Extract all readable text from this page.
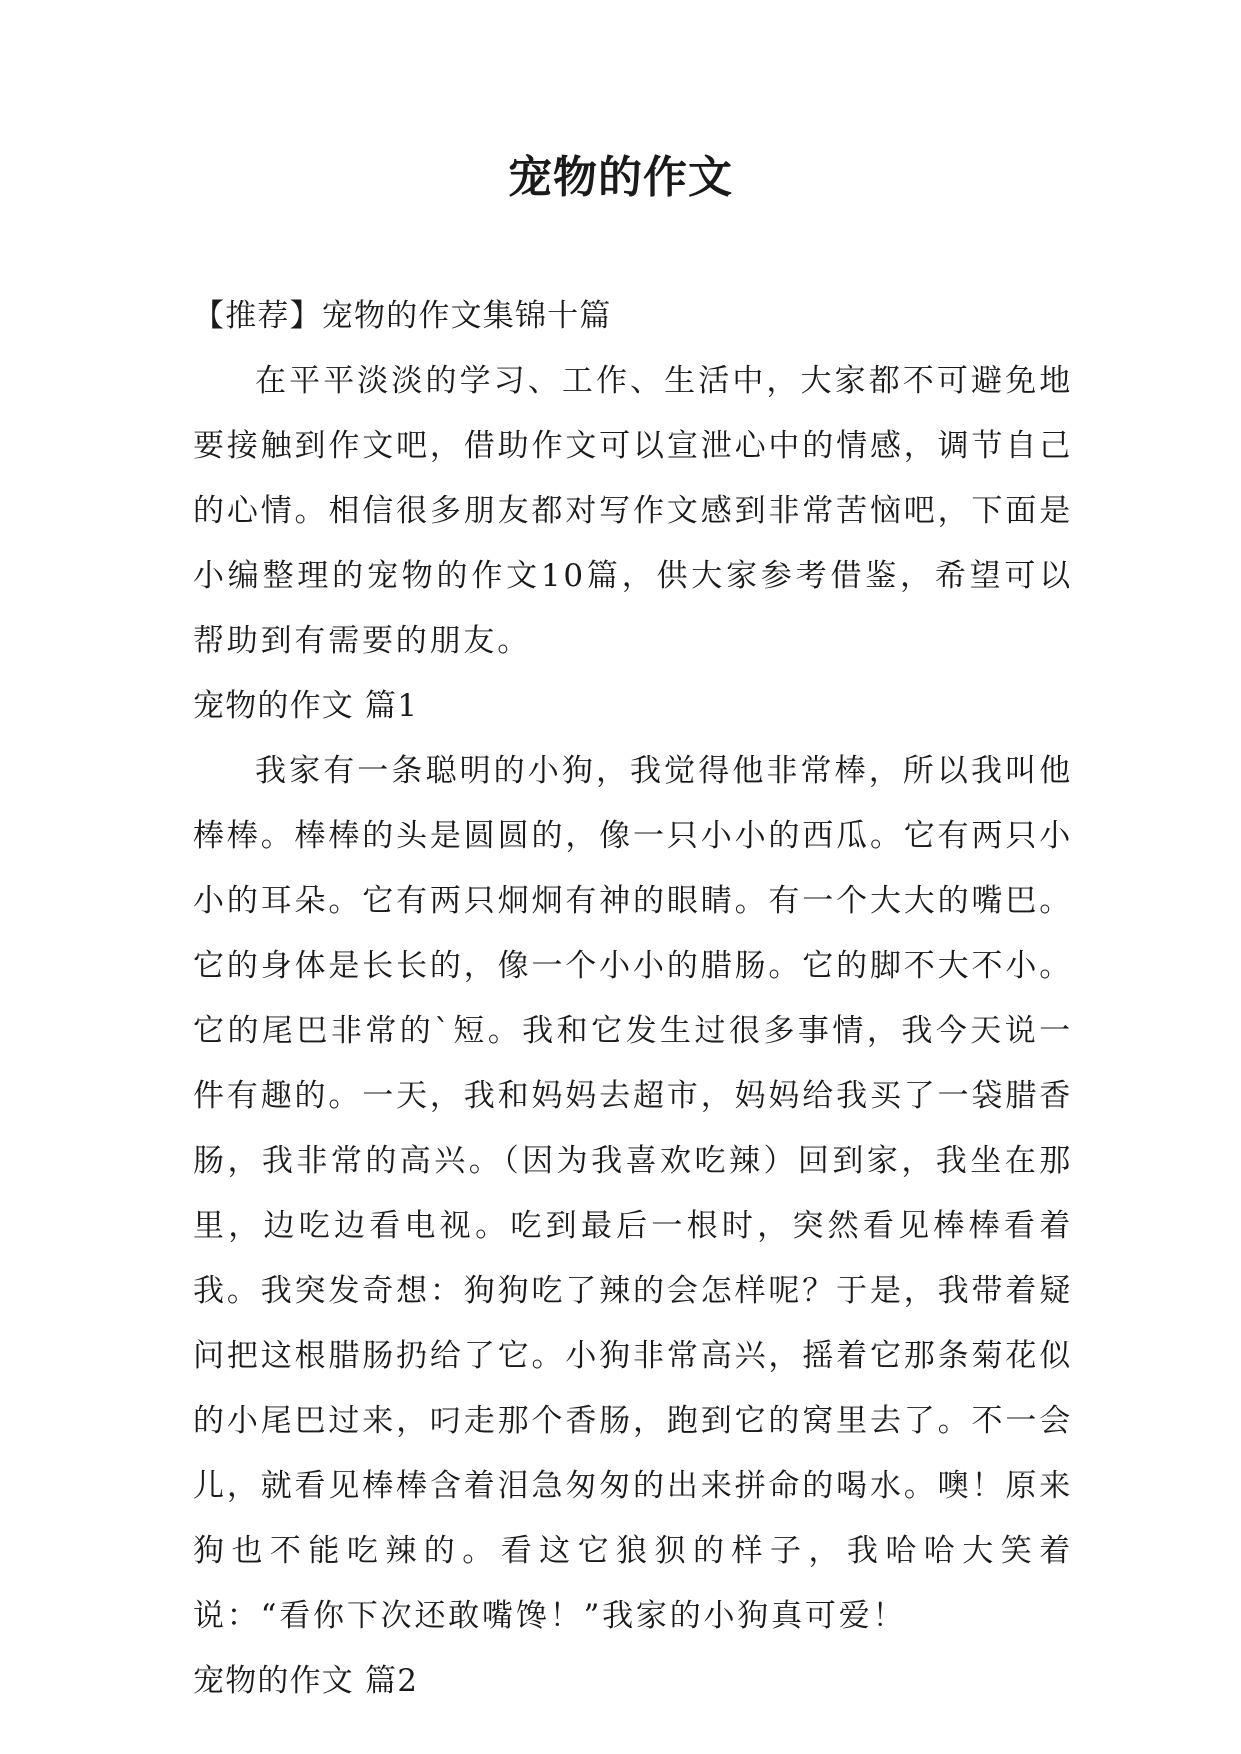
宠物的作文

【推荐】宠物的作文集锦十篇

在平平淡淡的学习、工作、生活中，大家都不可避免地要接触到作文吧，借助作文可以宣泄心中的情感，调节自己的心情。相信很多朋友都对写作文感到非常苦恼吧，下面是小编整理的宠物的作文10篇，供大家参考借鉴，希望可以帮助到有需要的朋友。

宠物的作文 篇1

我家有一条聪明的小狗，我觉得他非常棒，所以我叫他棒棒。棒棒的头是圆圆的，像一只小小的西瓜。它有两只小小的耳朵。它有两只炯炯有神的眼睛。有一个大大的嘴巴。它的身体是长长的，像一个小小的腊肠。它的脚不大不小。它的尾巴非常的`短。我和它发生过很多事情，我今天说一件有趣的。一天，我和妈妈去超市，妈妈给我买了一袋腊香肠，我非常的高兴。（因为我喜欢吃辣）回到家，我坐在那里，边吃边看电视。吃到最后一根时，突然看见棒棒看着我。我突发奇想：狗狗吃了辣的会怎样呢？于是，我带着疑问把这根腊肠扔给了它。小狗非常高兴，摇着它那条菊花似的小尾巴过来，叼走那个香肠，跑到它的窝里去了。不一会儿，就看见棒棒含着泪急匆匆的出来拼命的喝水。噢！原来狗也不能吃辣的。看这它狼狈的样子，我哈哈大笑着说：“看你下次还敢嘴馋！”我家的小狗真可爱！

宠物的作文 篇2
